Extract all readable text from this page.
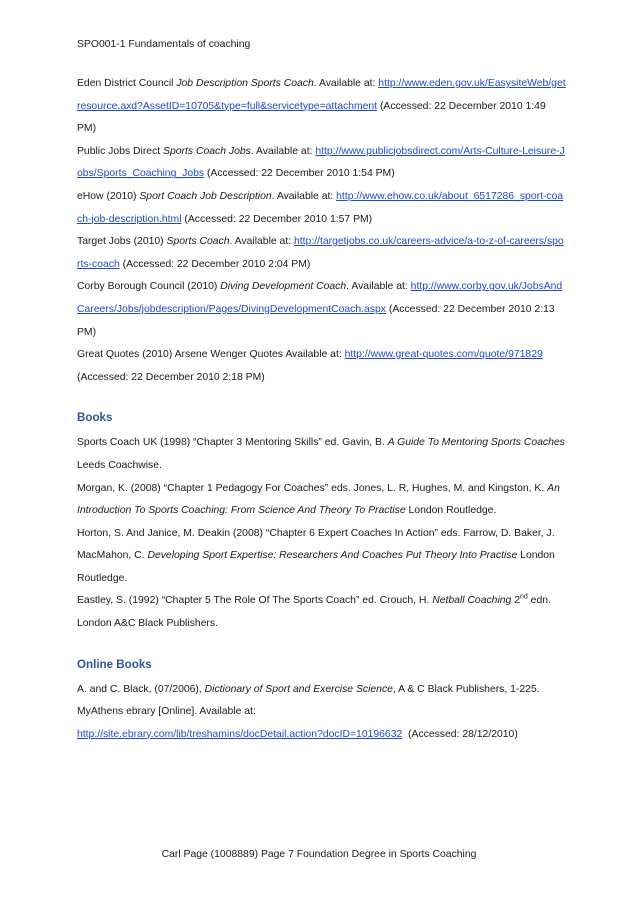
SPO001-1 Fundamentals of coaching

Eden District Council Job Description Sports Coach. Available at: http://www.eden.gov.uk/EasysiteWeb/getresource.axd?AssetID=10705&type=full&servicetype=attachment (Accessed: 22 December 2010 1:49 PM)

Public Jobs Direct Sports Coach Jobs. Available at: http://www.publicjobsdirect.com/Arts-Culture-Leisure-Jobs/Sports_Coaching_Jobs (Accessed: 22 December 2010 1:54 PM)

eHow (2010) Sport Coach Job Description. Available at: http://www.ehow.co.uk/about_6517286_sport-coach-job-description.html (Accessed: 22 December 2010 1:57 PM)

Target Jobs (2010) Sports Coach. Available at: http://targetjobs.co.uk/careers-advice/a-to-z-of-careers/sports-coach (Accessed: 22 December 2010 2:04 PM)

Corby Borough Council (2010) Diving Development Coach. Available at: http://www.corby.gov.uk/JobsAndCareers/Jobs/jobdescription/Pages/DivingDevelopmentCoach.aspx (Accessed: 22 December 2010 2:13 PM)

Great Quotes (2010) Arsene Wenger Quotes Available at: http://www.great-quotes.com/quote/971829 (Accessed: 22 December 2010 2:18 PM)

Books

Sports Coach UK (1998) “Chapter 3 Mentoring Skills” ed. Gavin, B. A Guide To Mentoring Sports Coaches Leeds Coachwise.

Morgan, K. (2008) “Chapter 1 Pedagogy For Coaches” eds. Jones, L. R, Hughes, M. and Kingston, K. An Introduction To Sports Coaching: From Science And Theory To Practise London Routledge.

Horton, S. And Janice, M. Deakin (2008) “Chapter 6 Expert Coaches In Action” eds. Farrow, D. Baker, J. MacMahon, C. Developing Sport Expertise: Researchers And Coaches Put Theory Into Practise London Routledge.

Eastley, S. (1992) “Chapter 5 The Role Of The Sports Coach” ed. Crouch, H. Netball Coaching 2nd edn. London A&C Black Publishers.

Online Books

A. and C. Black, (07/2006), Dictionary of Sport and Exercise Science, A & C Black Publishers, 1-225.

MyAthens ebrary [Online]. Available at:

http://site.ebrary.com/lib/treshamins/docDetail.action?docID=10196632  (Accessed: 28/12/2010)

Carl Page (1008889) Page 7 Foundation Degree in Sports Coaching
